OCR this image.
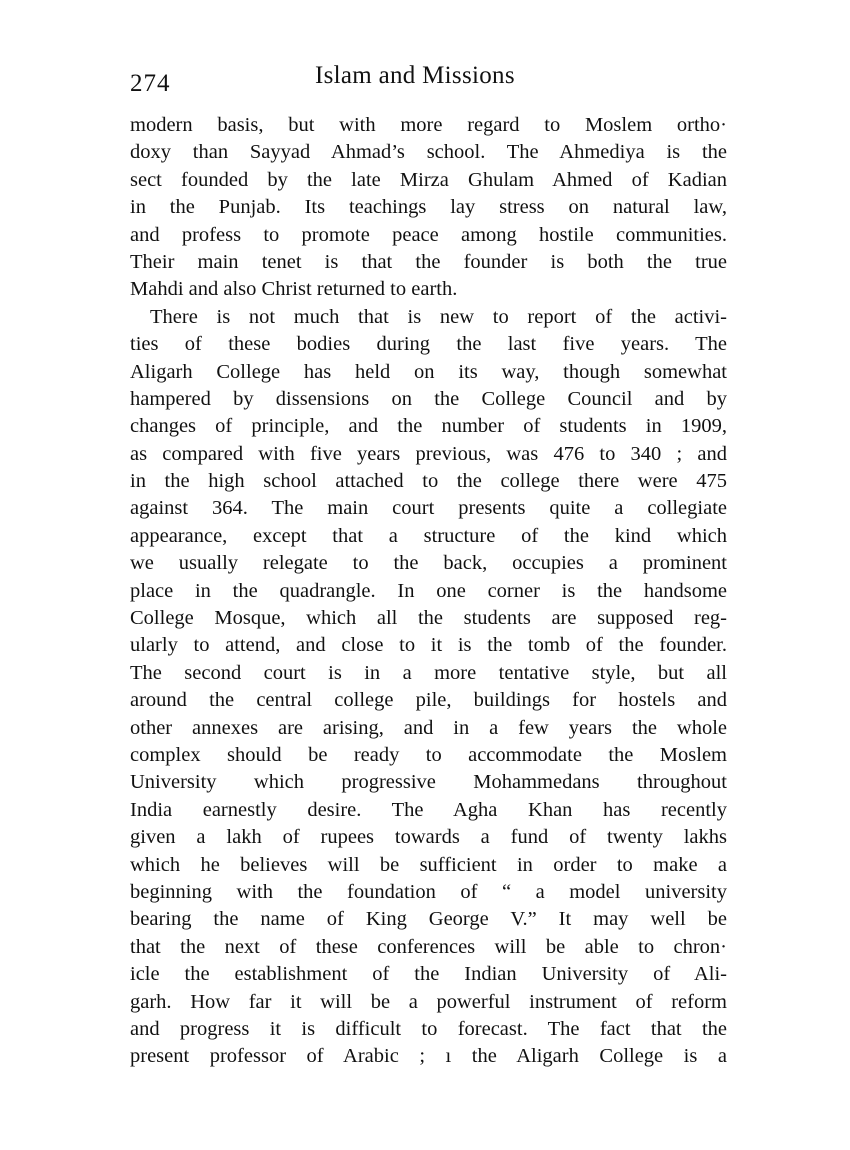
274	Islam and Missions
modern basis, but with more regard to Moslem ortho·
doxy than Sayyad Ahmad’s school. The Ahmediya is the
sect founded by the late Mirza Ghulam Ahmed of Kadian
in the Punjab. Its teachings lay stress on natural law,
and profess to promote peace among hostile communities.
Their main tenet is that the founder is both the true
Mahdi and also Christ returned to earth.
There is not much that is new to report of the activi-
ties of these bodies during the last five years. The
Aligarh College has held on its way, though somewhat
hampered by dissensions on the College Council and by
changes of principle, and the number of students in 1909,
as compared with five years previous, was 476 to 340 ; and
in the high school attached to the college there were 475
against 364. The main court presents quite a collegiate
appearance, except that a structure of the kind which
we usually relegate to the back, occupies a prominent
place in the quadrangle. In one corner is the handsome
College Mosque, which all the students are supposed reg-
ularly to attend, and close to it is the tomb of the founder.
The second court is in a more tentative style, but all
around the central college pile, buildings for hostels and
other annexes are arising, and in a few years the whole
complex should be ready to accommodate the Moslem
University which progressive Mohammedans throughout
India earnestly desire. The Agha Khan has recently
given a lakh of rupees towards a fund of twenty lakhs
which he believes will be sufficient in order to make a
beginning with the foundation of “ a model university
bearing the name of King George V.” It may well be
that the next of these conferences will be able to chron·
icle the establishment of the Indian University of Ali-
garh. How far it will be a powerful instrument of reform
and progress it is difficult to forecast. The fact that the
present professor of Arabic ; ı the Aligarh College is a
